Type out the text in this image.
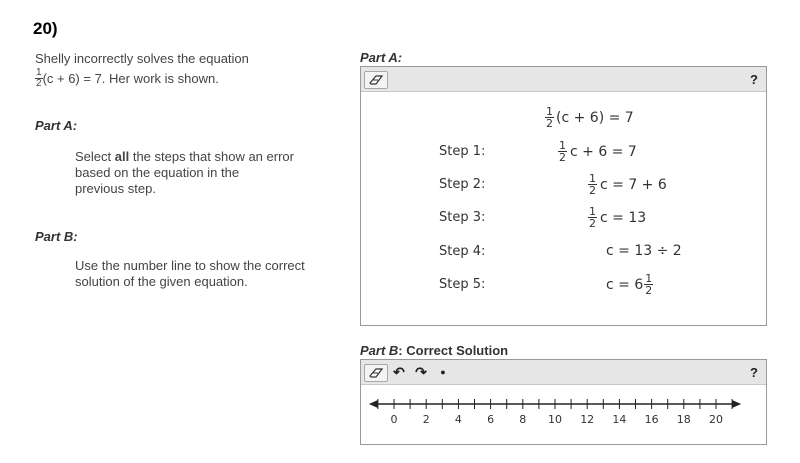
20)
Shelly incorrectly solves the equation
$\frac{1}{2} (c + 6) = 7$. Her work is shown.
Part A:
Select all the steps that show an error
based on the equation in the
previous step.
Part B:
Use the number line to show the correct
solution of the given equation.
Part A:
?
$\frac{1}{2} (c + 6) = 7$
Step 1:	$\frac{1}{2}$ c + 6 = 7
Step 2:	$\frac{1}{2}$ c = 7 + 6
Step 3:	$\frac{1}{2}$ c = 13
Step 4:	c = 13 ÷ 2
Step 5:	$c = 6 \frac{1}{2}$
Part B: Correct Solution
↶ ↷	●	?
0 2 4 6 8 10 12 14 16 18 20
